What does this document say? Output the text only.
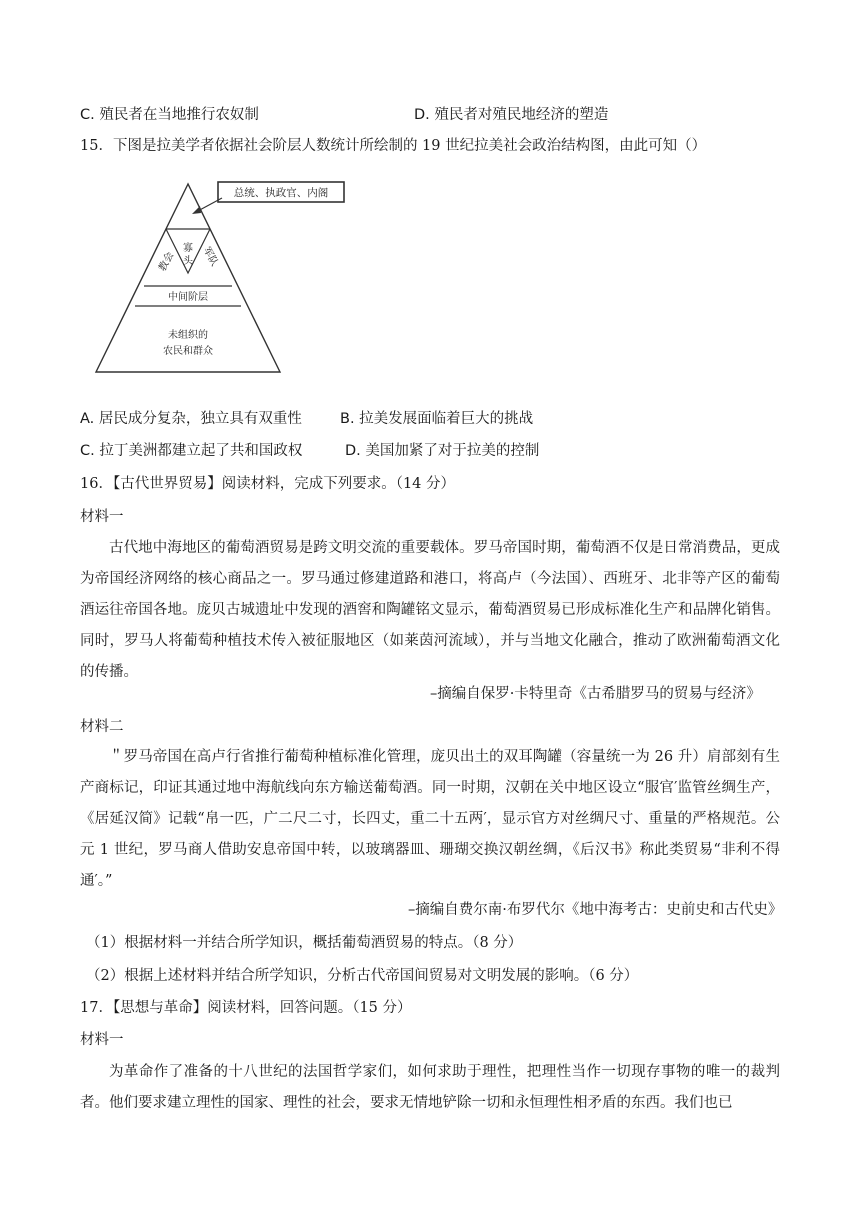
C. 殖民者在当地推行农奴制	D. 殖民者对殖民地经济的塑造
15．下图是拉美学者依据社会阶层人数统计所绘制的 19 世纪拉美社会政治结构图，由此可知（）
总统、执政官、内阁
教会
寡
头 军队
中间阶层
未组织的
农民和群众
A. 居民成分复杂，独立具有双重性	B. 拉美发展面临着巨大的挑战
C. 拉丁美洲都建立起了共和国政权	D. 美国加紧了对于拉美的控制
16．【古代世界贸易】阅读材料，完成下列要求。（14 分）
材料一
古代地中海地区的葡萄酒贸易是跨文明交流的重要载体。罗马帝国时期，葡萄酒不仅是日常消费品，更成为帝国经济网络的核心商品之一。罗马通过修建道路和港口，将高卢（今法国）、西班牙、北非等产区的葡萄酒运往帝国各地。庞贝古城遗址中发现的酒窖和陶罐铭文显示，葡萄酒贸易已形成标准化生产和品牌化销售。同时，罗马人将葡萄种植技术传入被征服地区（如莱茵河流域），并与当地文化融合，推动了欧洲葡萄酒文化的传播。
–摘编自保罗·卡特里奇《古希腊罗马的贸易与经济》
材料二
＂罗马帝国在高卢行省推行葡萄种植标准化管理，庞贝出土的双耳陶罐（容量统一为 26 升）肩部刻有生产商标记，印证其通过地中海航线向东方输送葡萄酒。同一时期，汉朝在关中地区设立“服官′监管丝绸生产，《居延汉简》记载“帛一匹，广二尺二寸，长四丈，重二十五两′，显示官方对丝绸尺寸、重量的严格规范。公元 1 世纪，罗马商人借助安息帝国中转，以玻璃器皿、珊瑚交换汉朝丝绸，《后汉书》称此类贸易“非利不得通′。”
–摘编自费尔南·布罗代尔《地中海考古：史前史和古代史》
（1）根据材料一并结合所学知识，概括葡萄酒贸易的特点。（8 分）
（2）根据上述材料并结合所学知识，分析古代帝国间贸易对文明发展的影响。（6 分）
17．【思想与革命】阅读材料，回答问题。（15 分）
材料一
为革命作了准备的十八世纪的法国哲学家们，如何求助于理性，把理性当作一切现存事物的唯一的裁判者。他们要求建立理性的国家、理性的社会，要求无情地铲除一切和永恒理性相矛盾的东西。我们也已
